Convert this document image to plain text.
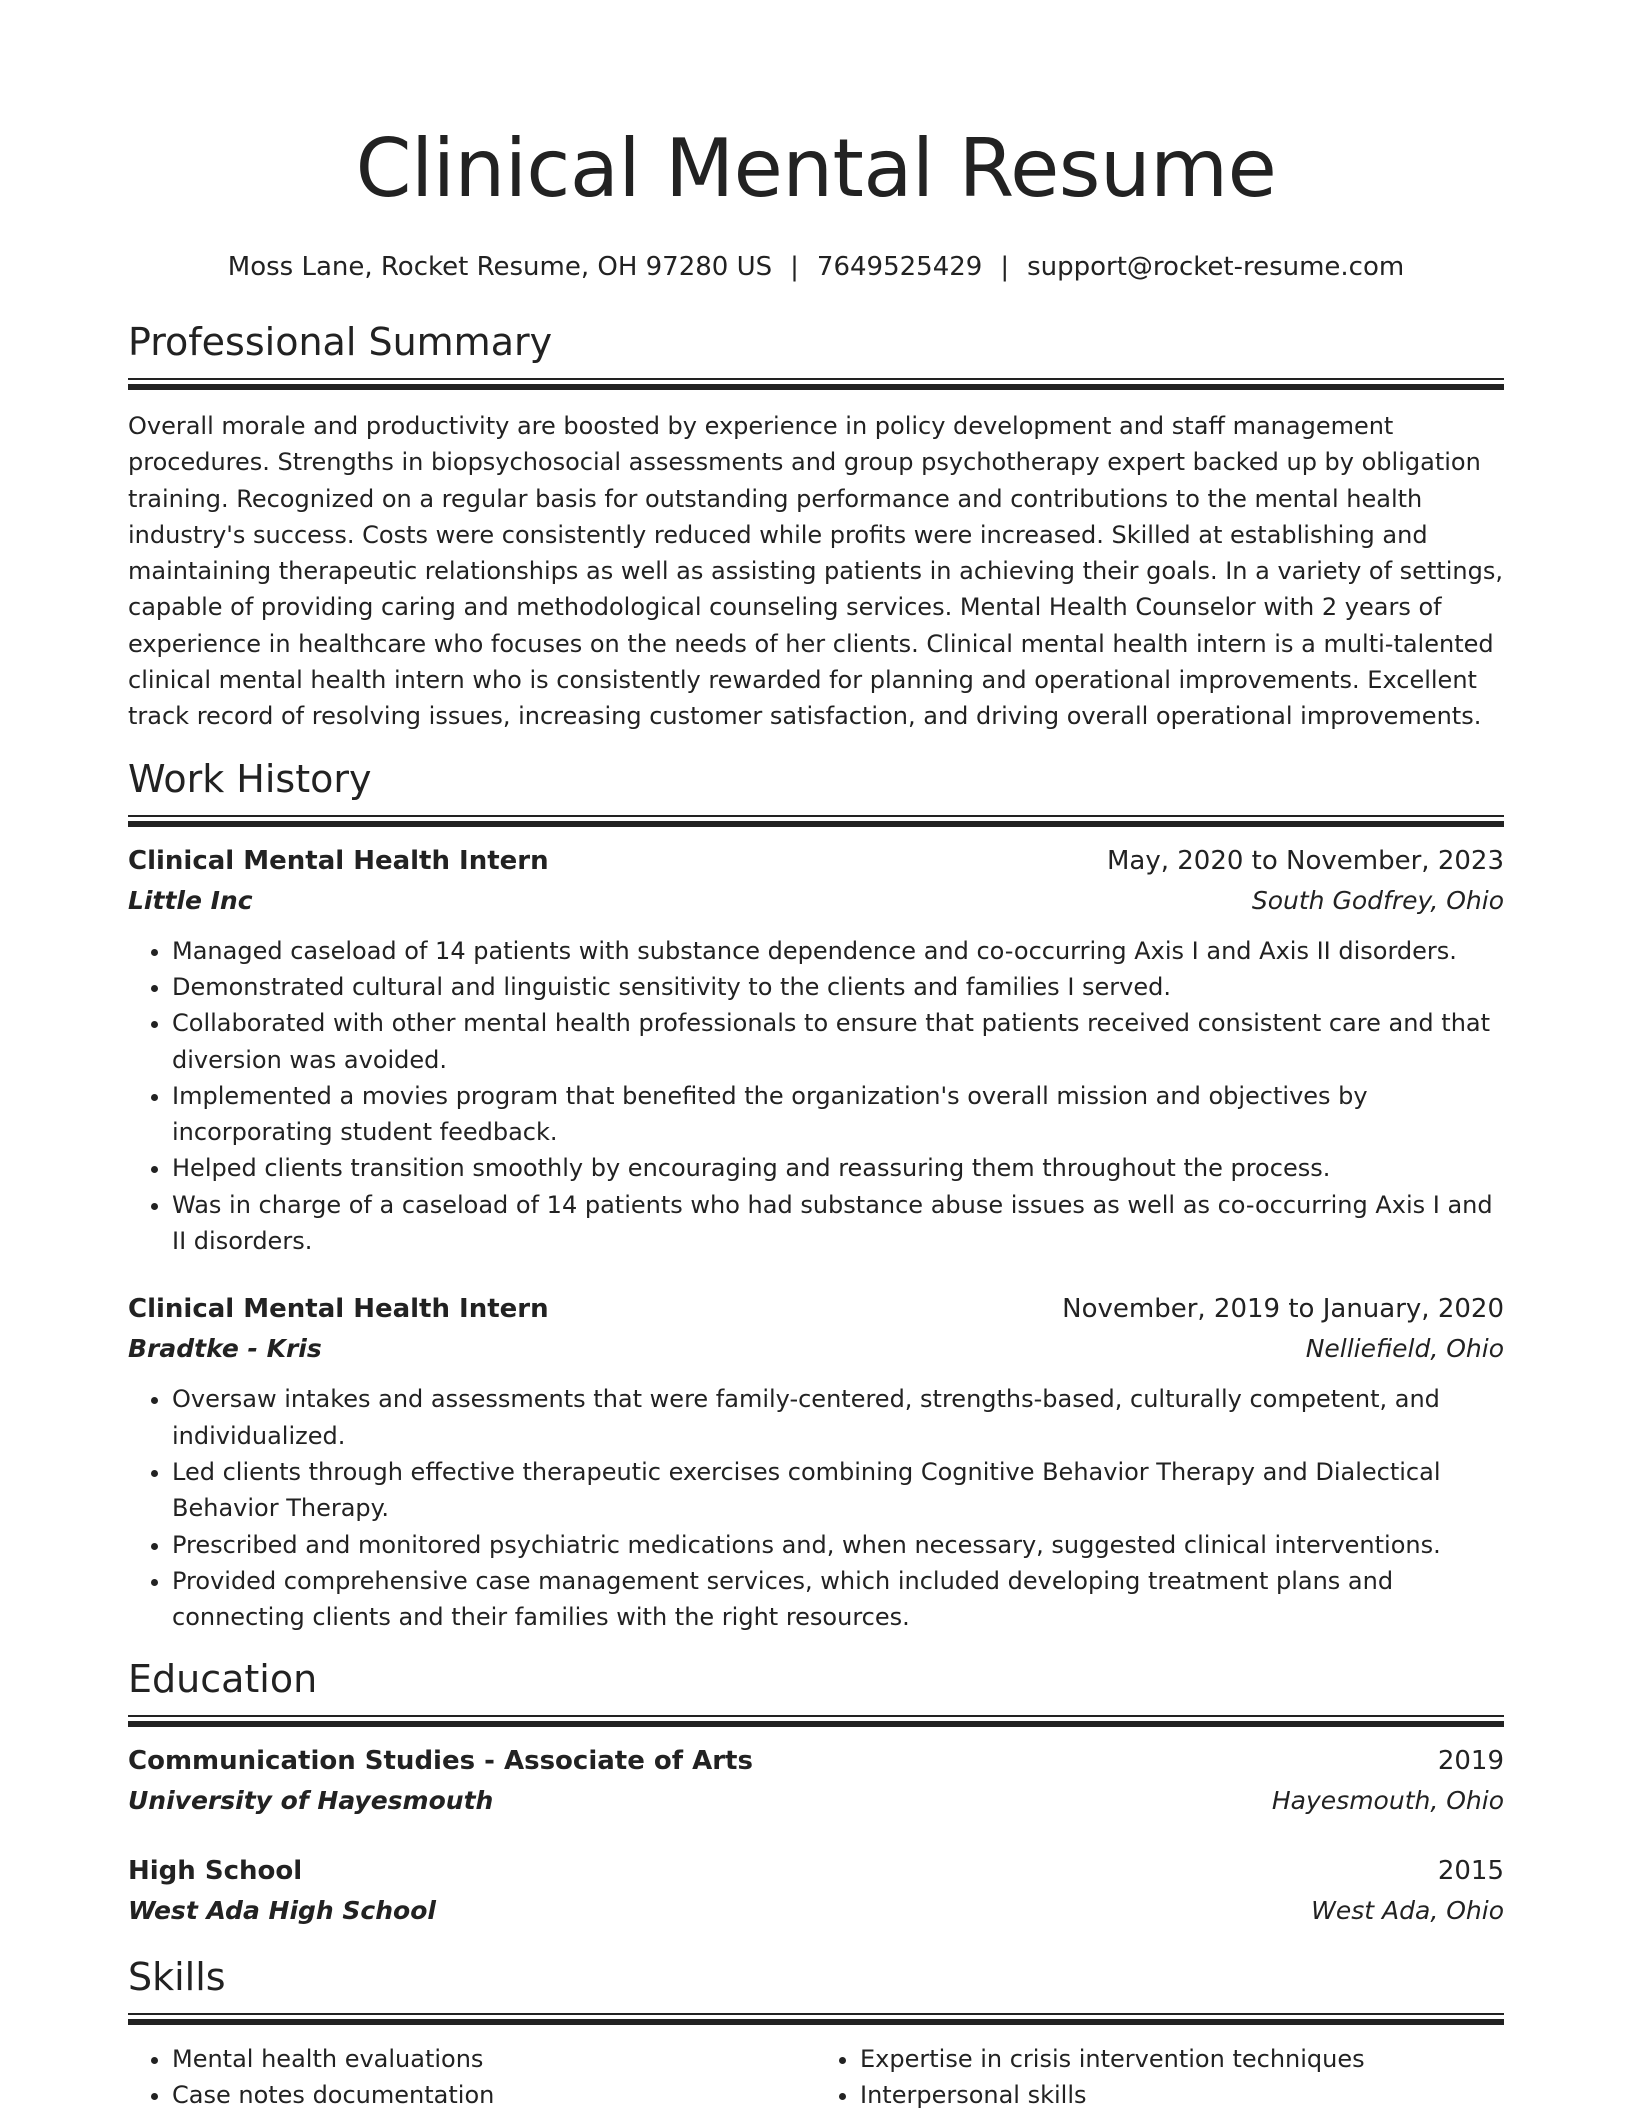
Clinical Mental Resume
Moss Lane, Rocket Resume, OH 97280 US | 7649525429 | support@rocket-resume.com
Professional Summary

Overall morale and productivity are boosted by experience in policy development and staff management procedures. Strengths in biopsychosocial assessments and group psychotherapy expert backed up by obligation training. Recognized on a regular basis for outstanding performance and contributions to the mental health industry's success. Costs were consistently reduced while profits were increased. Skilled at establishing and maintaining therapeutic relationships as well as assisting patients in achieving their goals. In a variety of settings, capable of providing caring and methodological counseling services. Mental Health Counselor with 2 years of experience in healthcare who focuses on the needs of her clients. Clinical mental health intern is a multi-talented clinical mental health intern who is consistently rewarded for planning and operational improvements. Excellent track record of resolving issues, increasing customer satisfaction, and driving overall operational improvements.

Work History
Clinical Mental Health Intern	May, 2020 to November, 2023
Little Inc	South Godfrey, Ohio
• Managed caseload of 14 patients with substance dependence and co-occurring Axis I and Axis II disorders.
• Demonstrated cultural and linguistic sensitivity to the clients and families I served.
• Collaborated with other mental health professionals to ensure that patients received consistent care and that diversion was avoided.
• Implemented a movies program that benefited the organization's overall mission and objectives by incorporating student feedback.
• Helped clients transition smoothly by encouraging and reassuring them throughout the process.
• Was in charge of a caseload of 14 patients who had substance abuse issues as well as co-occurring Axis I and II disorders.
Clinical Mental Health Intern	November, 2019 to January, 2020
Bradtke - Kris	Nelliefield, Ohio
• Oversaw intakes and assessments that were family-centered, strengths-based, culturally competent, and individualized.
• Led clients through effective therapeutic exercises combining Cognitive Behavior Therapy and Dialectical Behavior Therapy.
• Prescribed and monitored psychiatric medications and, when necessary, suggested clinical interventions.
• Provided comprehensive case management services, which included developing treatment plans and connecting clients and their families with the right resources.
Education
Communication Studies - Associate of Arts	2019
University of Hayesmouth	Hayesmouth, Ohio
High School	2015
West Ada High School	West Ada, Ohio
Skills
• Mental health evaluations
• Case notes documentation
• Expertise in crisis intervention techniques
• Interpersonal skills
